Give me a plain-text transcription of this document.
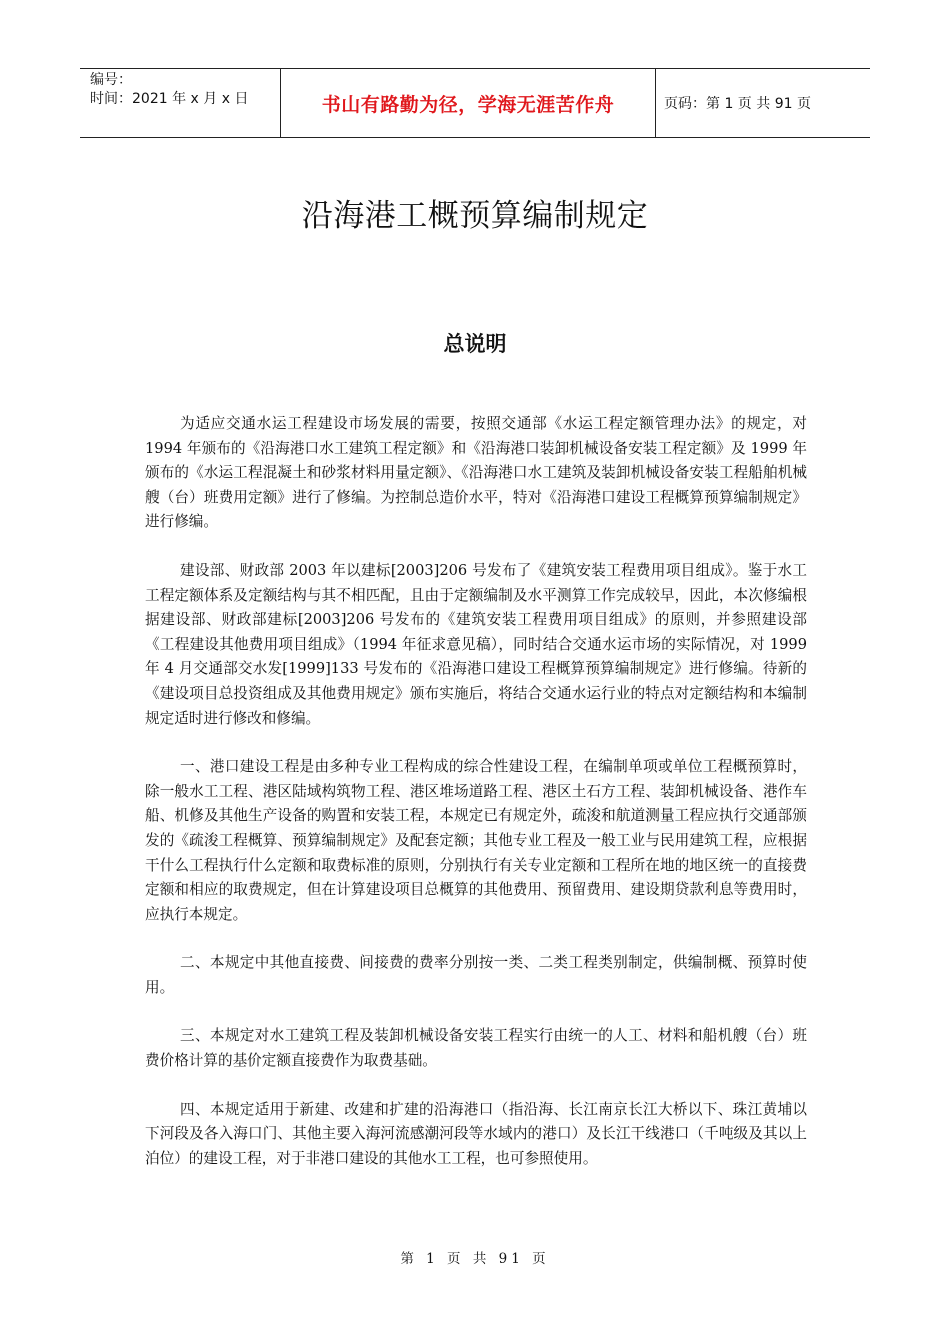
编号：
时间：2021 年 x 月 x 日	书山有路勤为径，学海无涯苦作舟	页码：第 1 页 共 91 页
沿海港工概预算编制规定
总说明

为适应交通水运工程建设市场发展的需要，按照交通部《水运工程定额管理办法》的规定，对 1994 年颁布的《沿海港口水工建筑工程定额》和《沿海港口装卸机械设备安装工程定额》及 1999 年颁布的《水运工程混凝土和砂浆材料用量定额》、《沿海港口水工建筑及装卸机械设备安装工程船舶机械艘（台）班费用定额》进行了修编。为控制总造价水平，特对《沿海港口建设工程概算预算编制规定》进行修编。

建设部、财政部 2003 年以建标[2003]206 号发布了《建筑安装工程费用项目组成》。鉴于水工工程定额体系及定额结构与其不相匹配，且由于定额编制及水平测算工作完成较早，因此，本次修编根据建设部、财政部建标[2003]206 号发布的《建筑安装工程费用项目组成》的原则，并参照建设部《工程建设其他费用项目组成》（1994 年征求意见稿），同时结合交通水运市场的实际情况，对 1999 年 4 月交通部交水发[1999]133 号发布的《沿海港口建设工程概算预算编制规定》进行修编。待新的《建设项目总投资组成及其他费用规定》颁布实施后，将结合交通水运行业的特点对定额结构和本编制规定适时进行修改和修编。

一、港口建设工程是由多种专业工程构成的综合性建设工程，在编制单项或单位工程概预算时，除一般水工工程、港区陆域构筑物工程、港区堆场道路工程、港区土石方工程、装卸机械设备、港作车船、机修及其他生产设备的购置和安装工程，本规定已有规定外，疏浚和航道测量工程应执行交通部颁发的《疏浚工程概算、预算编制规定》及配套定额；其他专业工程及一般工业与民用建筑工程，应根据干什么工程执行什么定额和取费标准的原则，分别执行有关专业定额和工程所在地的地区统一的直接费定额和相应的取费规定，但在计算建设项目总概算的其他费用、预留费用、建设期贷款利息等费用时，应执行本规定。

二、本规定中其他直接费、间接费的费率分别按一类、二类工程类别制定，供编制概、预算时使用。

三、本规定对水工建筑工程及装卸机械设备安装工程实行由统一的人工、材料和船机艘（台）班费价格计算的基价定额直接费作为取费基础。

四、本规定适用于新建、改建和扩建的沿海港口（指沿海、长江南京长江大桥以下、珠江黄埔以下河段及各入海口门、其他主要入海河流感潮河段等水域内的港口）及长江干线港口（千吨级及其以上泊位）的建设工程，对于非港口建设的其他水工工程，也可参照使用。

第 1 页 共 91 页
